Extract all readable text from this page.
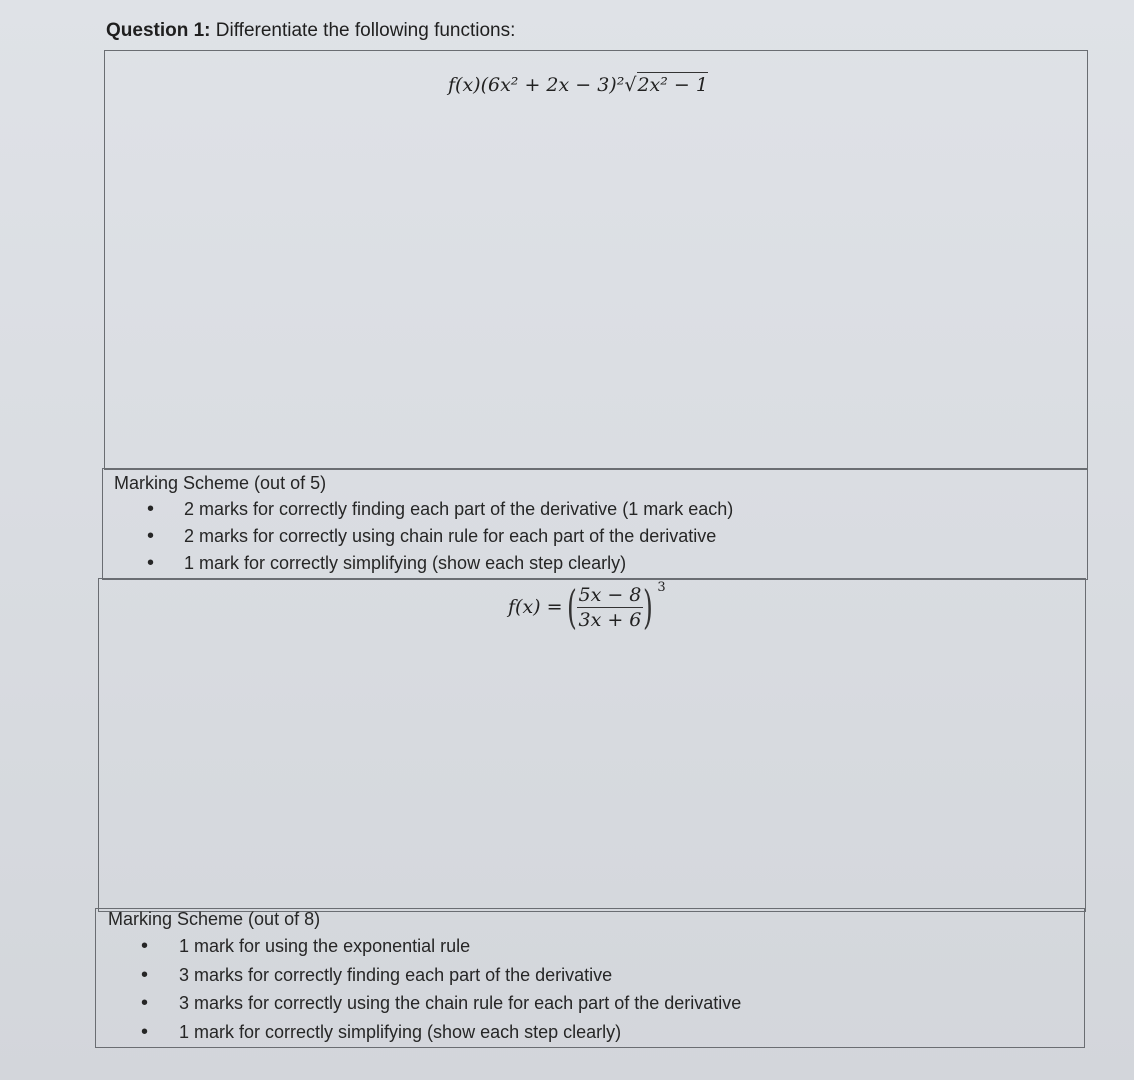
Question 1: Differentiate the following functions:
f(x)(6x² + 2x − 3)²√2x² − 1
Marking Scheme (out of 5)
• 2 marks for correctly finding each part of the derivative (1 mark each)
• 2 marks for correctly using chain rule for each part of the derivative
• 1 mark for correctly simplifying (show each step clearly)
f(x) = ( $\frac{5x - 8}{3x + 6}$ ) 3
Marking Scheme (out of 8)
• 1 mark for using the exponential rule
• 3 marks for correctly finding each part of the derivative
• 3 marks for correctly using the chain rule for each part of the derivative
• 1 mark for correctly simplifying (show each step clearly)
